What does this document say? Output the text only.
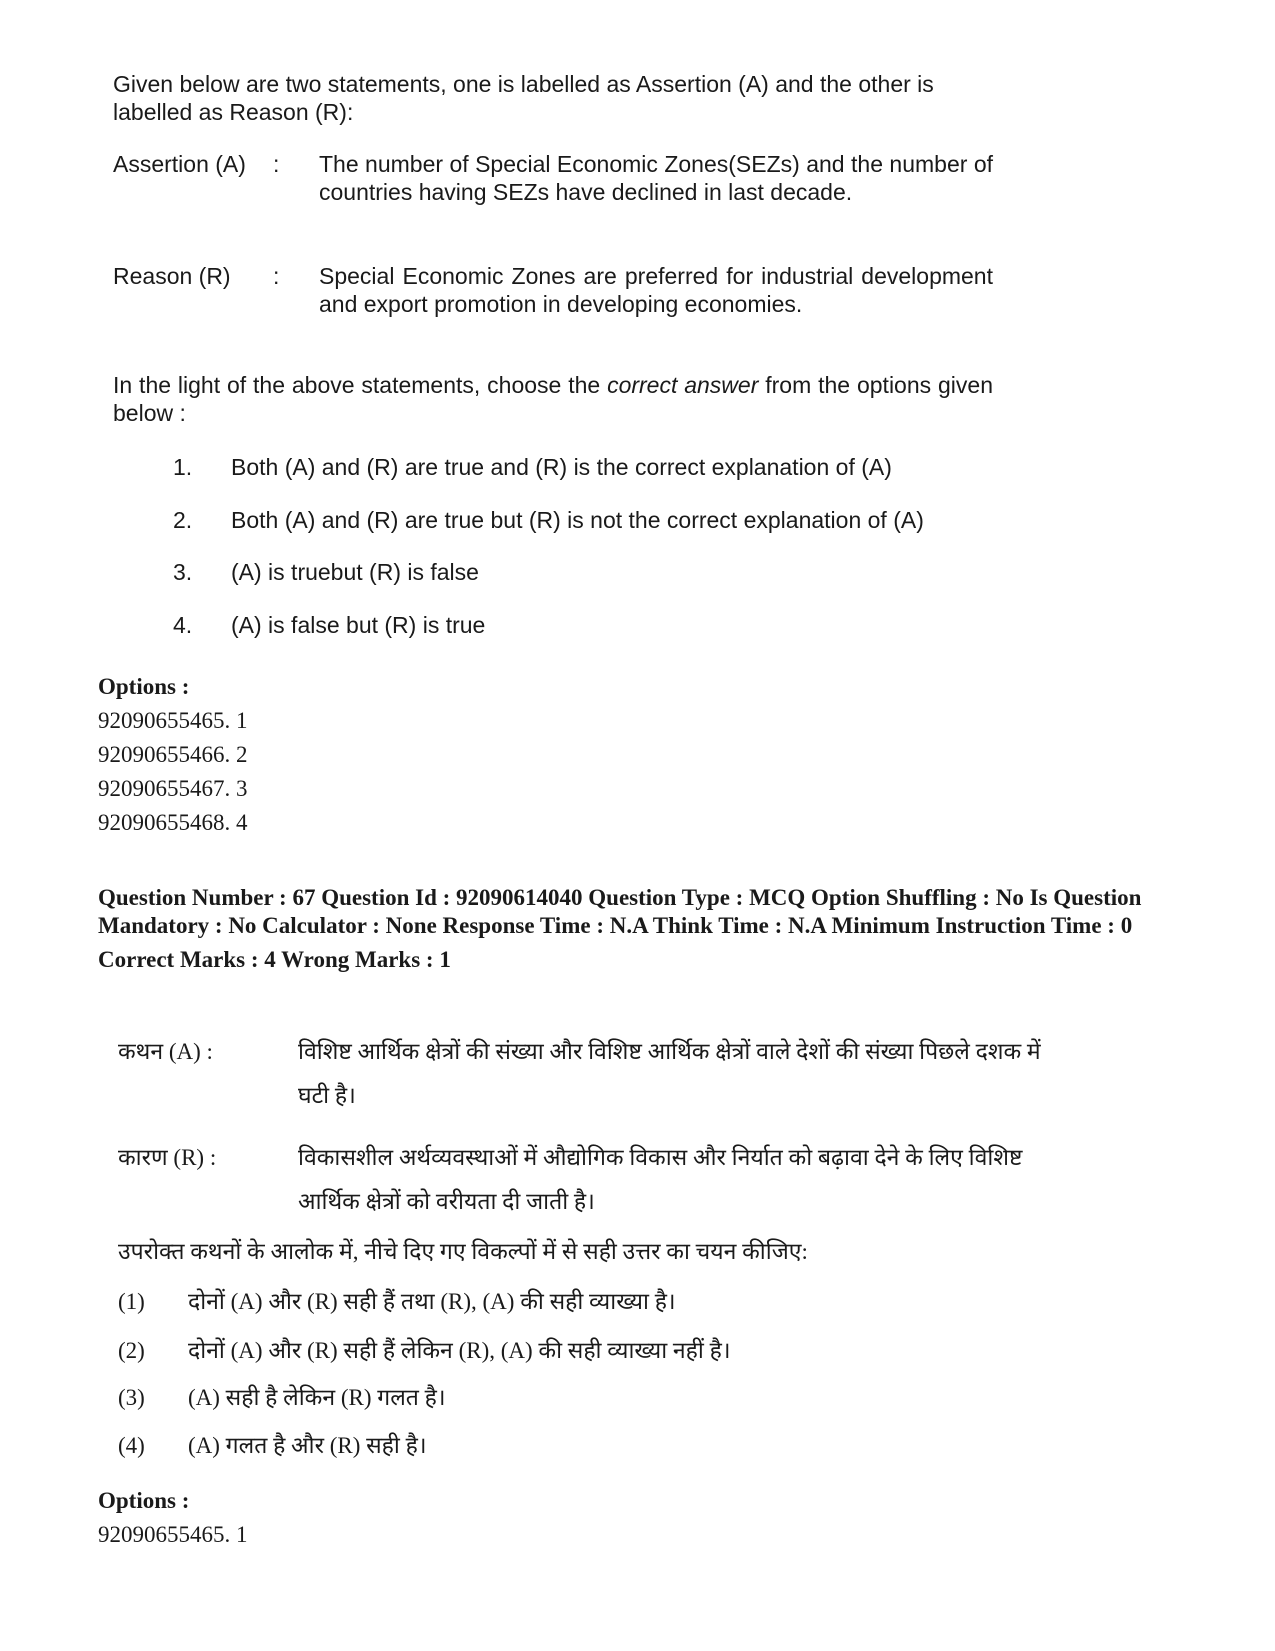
Given below are two statements, one is labelled as Assertion (A) and the other is labelled as Reason (R):

Assertion (A)	:	The number of Special Economic Zones(SEZs) and the number of countries having SEZs have declined in last decade.
Reason (R)	:	Special Economic Zones are preferred for industrial development and export promotion in developing economies.

In the light of the above statements, choose the correct answer from the options given below :

1. Both (A) and (R) are true and (R) is the correct explanation of (A)
2. Both (A) and (R) are true but (R) is not the correct explanation of (A)
3. (A) is truebut (R) is false
4. (A) is false but (R) is true
Options :
92090655465. 1
92090655466. 2
92090655467. 3
92090655468. 4
Question Number : 67 Question Id : 92090614040 Question Type : MCQ Option Shuffling : No Is Question Mandatory : No Calculator : None Response Time : N.A Think Time : N.A Minimum Instruction Time : 0
Correct Marks : 4 Wrong Marks : 1
कथन (A) :	विशिष्ट आर्थिक क्षेत्रों की संख्या और विशिष्ट आर्थिक क्षेत्रों वाले देशों की संख्या पिछले दशक में घटी है।
कारण (R) :	विकासशील अर्थव्यवस्थाओं में औद्योगिक विकास और निर्यात को बढ़ावा देने के लिए विशिष्ट आर्थिक क्षेत्रों को वरीयता दी जाती है।
उपरोक्त कथनों के आलोक में, नीचे दिए गए विकल्पों में से सही उत्तर का चयन कीजिए:
(1) दोनों (A) और (R) सही हैं तथा (R), (A) की सही व्याख्या है।
(2) दोनों (A) और (R) सही हैं लेकिन (R), (A) की सही व्याख्या नहीं है।
(3) (A) सही है लेकिन (R) गलत है।
(4) (A) गलत है और (R) सही है।
Options :
92090655465. 1
